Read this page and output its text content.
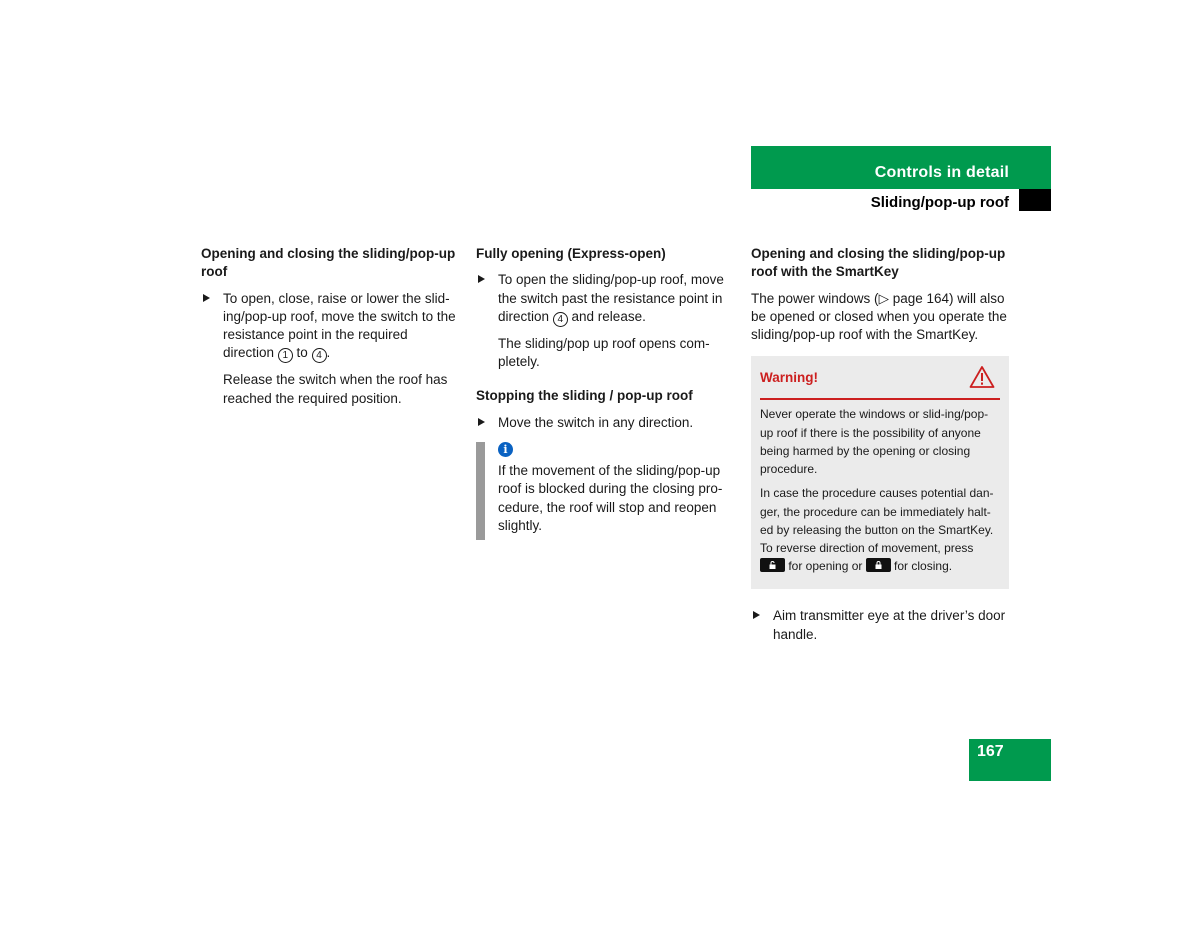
Controls in detail
Sliding/pop-up roof

Opening and closing the sliding/pop-up roof

To open, close, raise or lower the slid-ing/pop-up roof, move the switch to the resistance point in the required direction 1 to 4 .

Release the switch when the roof has reached the required position.

Fully opening (Express-open)

To open the sliding/pop-up roof, move the switch past the resistance point in direction 4 and release.

The sliding/pop up roof opens com-pletely.

Stopping the sliding / pop-up roof

Move the switch in any direction.
i
If the movement of the sliding/pop-up roof is blocked during the closing pro-cedure, the roof will stop and reopen slightly.

Opening and closing the sliding/pop-up roof with the SmartKey

The power windows (▷ page 164) will also be opened or closed when you operate the sliding/pop-up roof with the SmartKey.

Warning!

Never operate the windows or slid-ing/pop-up roof if there is the possibility of anyone being harmed by the opening or closing procedure.

In case the procedure causes potential dan-ger, the procedure can be immediately halt-ed by releasing the button on the SmartKey. To reverse direction of movement, press
for opening or
for closing.

Aim transmitter eye at the driver’s door handle.
167
